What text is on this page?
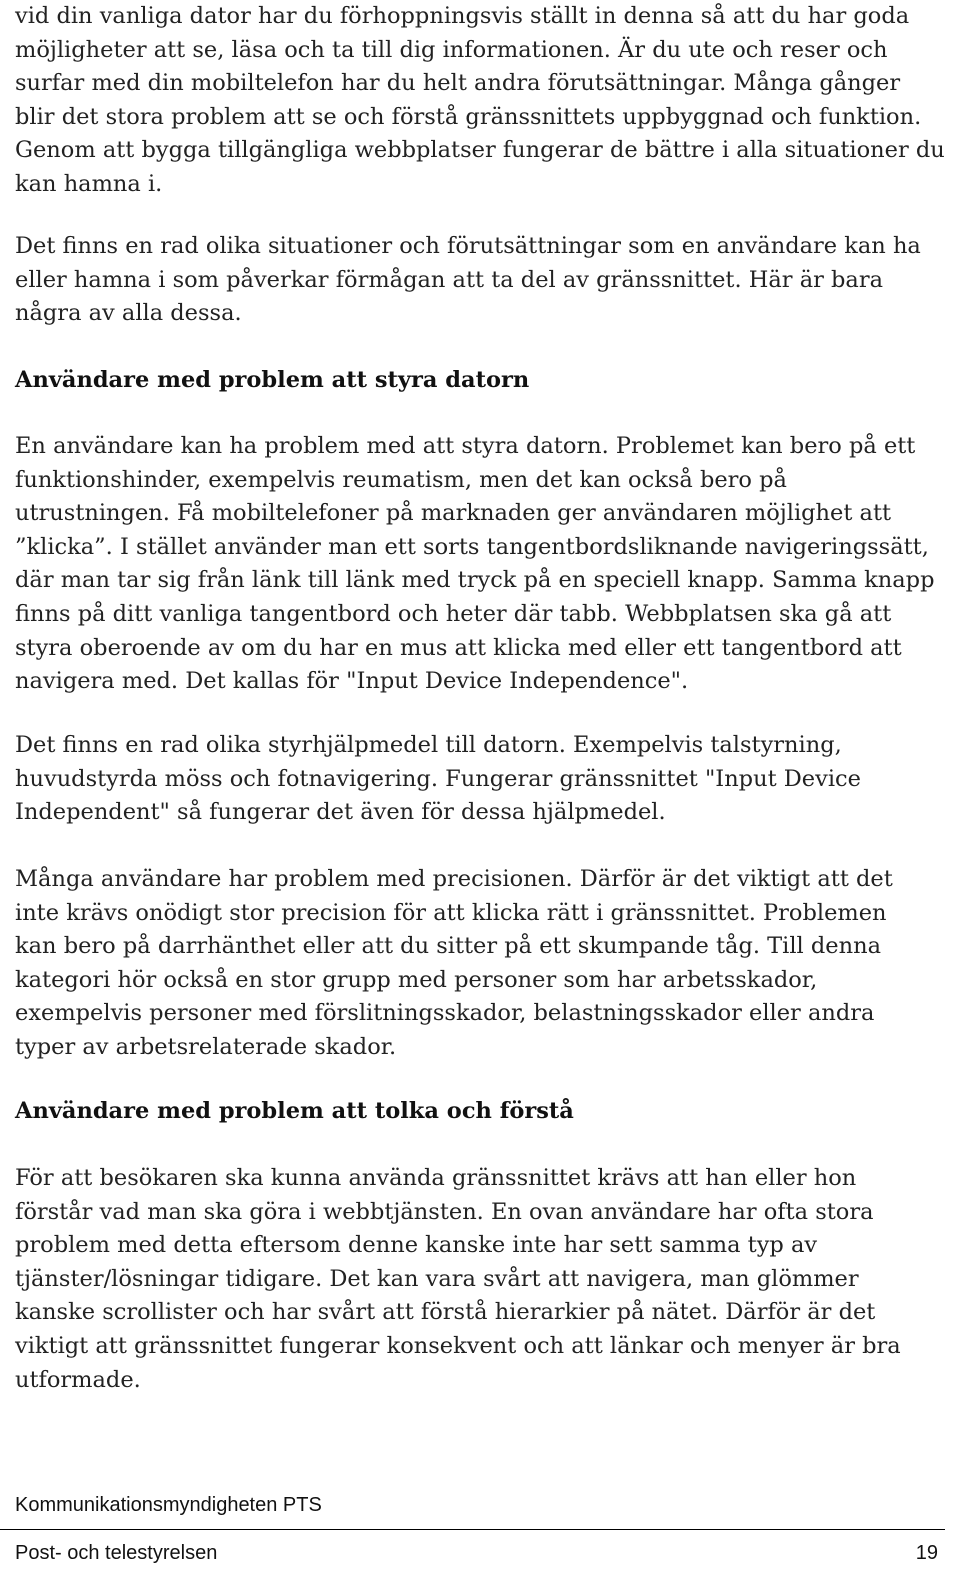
vid din vanliga dator har du förhoppningsvis ställt in denna så att du har goda

möjligheter att se, läsa och ta till dig informationen. Är du ute och reser och

surfar med din mobiltelefon har du helt andra förutsättningar. Många gånger

blir det stora problem att se och förstå gränssnittets uppbyggnad och funktion.

Genom att bygga tillgängliga webbplatser fungerar de bättre i alla situationer du

kan hamna i.

Det finns en rad olika situationer och förutsättningar som en användare kan ha

eller hamna i som påverkar förmågan att ta del av gränssnittet. Här är bara

några av alla dessa.

Användare med problem att styra datorn

En användare kan ha problem med att styra datorn. Problemet kan bero på ett

funktionshinder, exempelvis reumatism, men det kan också bero på

utrustningen. Få mobiltelefoner på marknaden ger användaren möjlighet att

”klicka”. I stället använder man ett sorts tangentbordsliknande navigeringssätt,

där man tar sig från länk till länk med tryck på en speciell knapp. Samma knapp

finns på ditt vanliga tangentbord och heter där tabb. Webbplatsen ska gå att

styra oberoende av om du har en mus att klicka med eller ett tangentbord att

navigera med. Det kallas för "Input Device Independence".

Det finns en rad olika styrhjälpmedel till datorn. Exempelvis talstyrning,

huvudstyrda möss och fotnavigering. Fungerar gränssnittet "Input Device

Independent" så fungerar det även för dessa hjälpmedel.

Många användare har problem med precisionen. Därför är det viktigt att det

inte krävs onödigt stor precision för att klicka rätt i gränssnittet. Problemen

kan bero på darrhänthet eller att du sitter på ett skumpande tåg. Till denna

kategori hör också en stor grupp med personer som har arbetsskador,

exempelvis personer med förslitningsskador, belastningsskador eller andra

typer av arbetsrelaterade skador.

Användare med problem att tolka och förstå

För att besökaren ska kunna använda gränssnittet krävs att han eller hon

förstår vad man ska göra i webbtjänsten. En ovan användare har ofta stora

problem med detta eftersom denne kanske inte har sett samma typ av

tjänster/lösningar tidigare. Det kan vara svårt att navigera, man glömmer

kanske scrollister och har svårt att förstå hierarkier på nätet. Därför är det

viktigt att gränssnittet fungerar konsekvent och att länkar och menyer är bra

utformade.

Kommunikationsmyndigheten PTS
Post- och telestyrelsen	19
